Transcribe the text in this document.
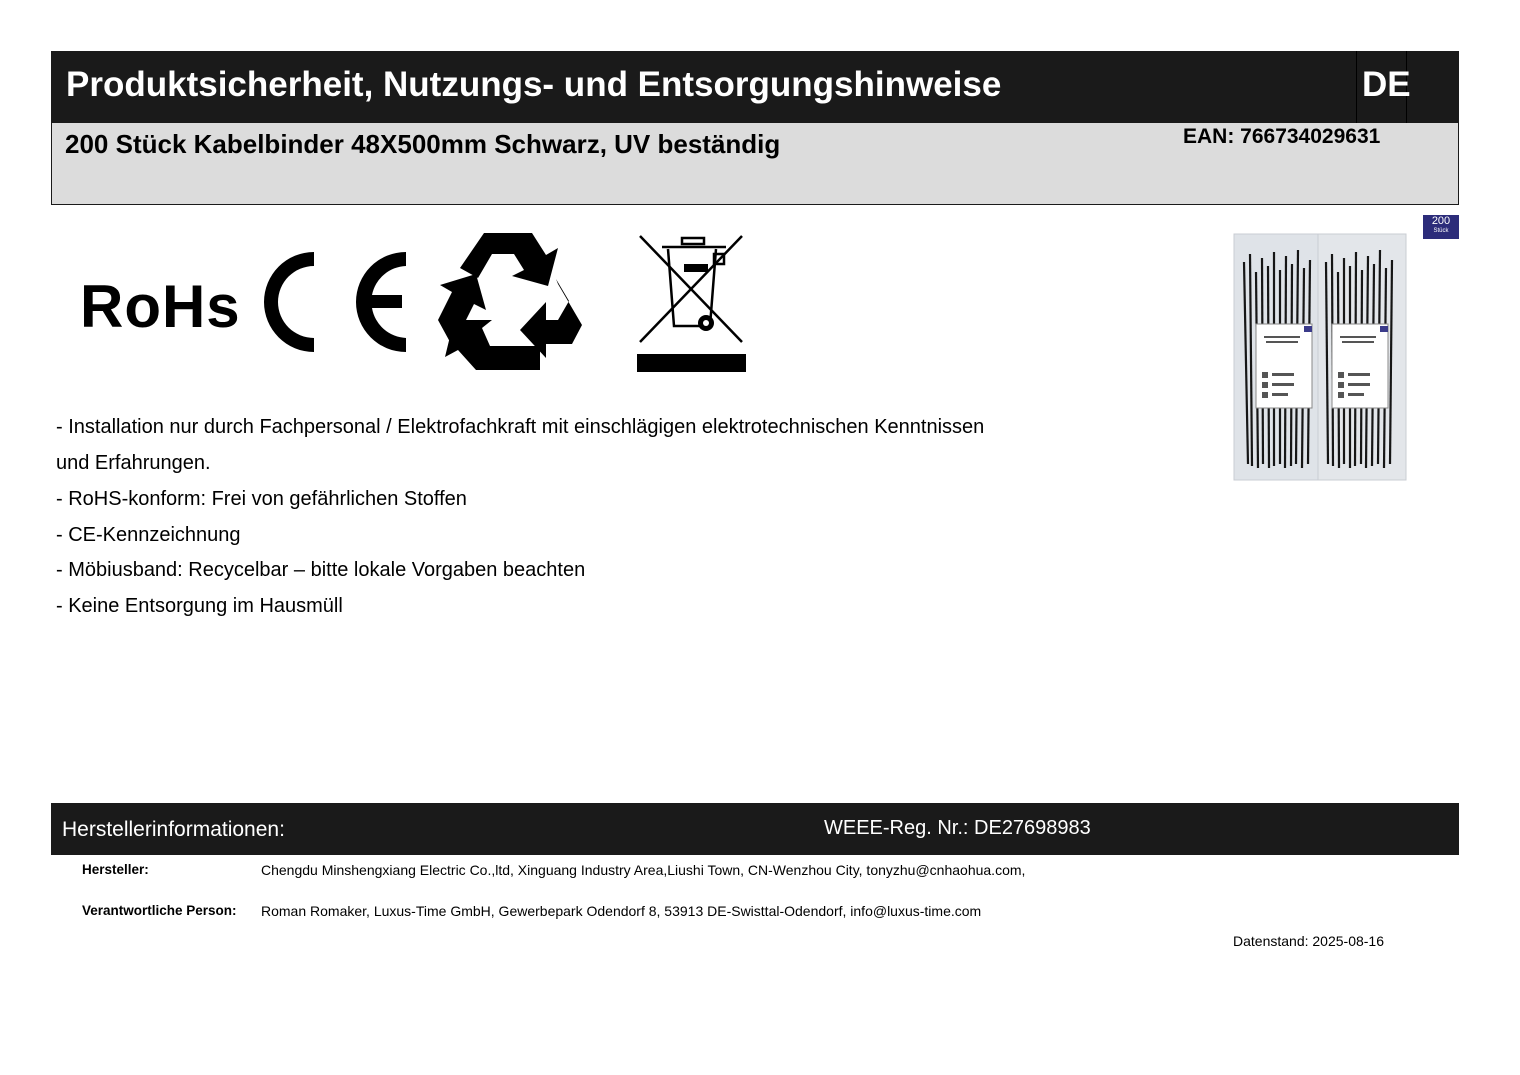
Produktsicherheit, Nutzungs- und Entsorgungshinweise	DE
200 Stück Kabelbinder 48X500mm Schwarz, UV beständig	EAN: 766734029631
RoHs
- Installation nur durch Fachpersonal / Elektrofachkraft mit einschlägigen elektrotechnischen Kenntnissen
und Erfahrungen.
- RoHS-konform: Frei von gefährlichen Stoffen
- CE-Kennzeichnung
- Möbiusband: Recycelbar – bitte lokale Vorgaben beachten
- Keine Entsorgung im Hausmüll
200
Stück
Herstellerinformationen:	WEEE-Reg. Nr.: DE27698983
Hersteller:	Chengdu Minshengxiang Electric Co.,ltd, Xinguang Industry Area,Liushi Town, CN-Wenzhou City, tonyzhu@cnhaohua.com,
Verantwortliche Person: Roman Romaker, Luxus-Time GmbH, Gewerbepark Odendorf 8, 53913 DE-Swisttal-Odendorf, info@luxus-time.com
Datenstand: 2025-08-16
